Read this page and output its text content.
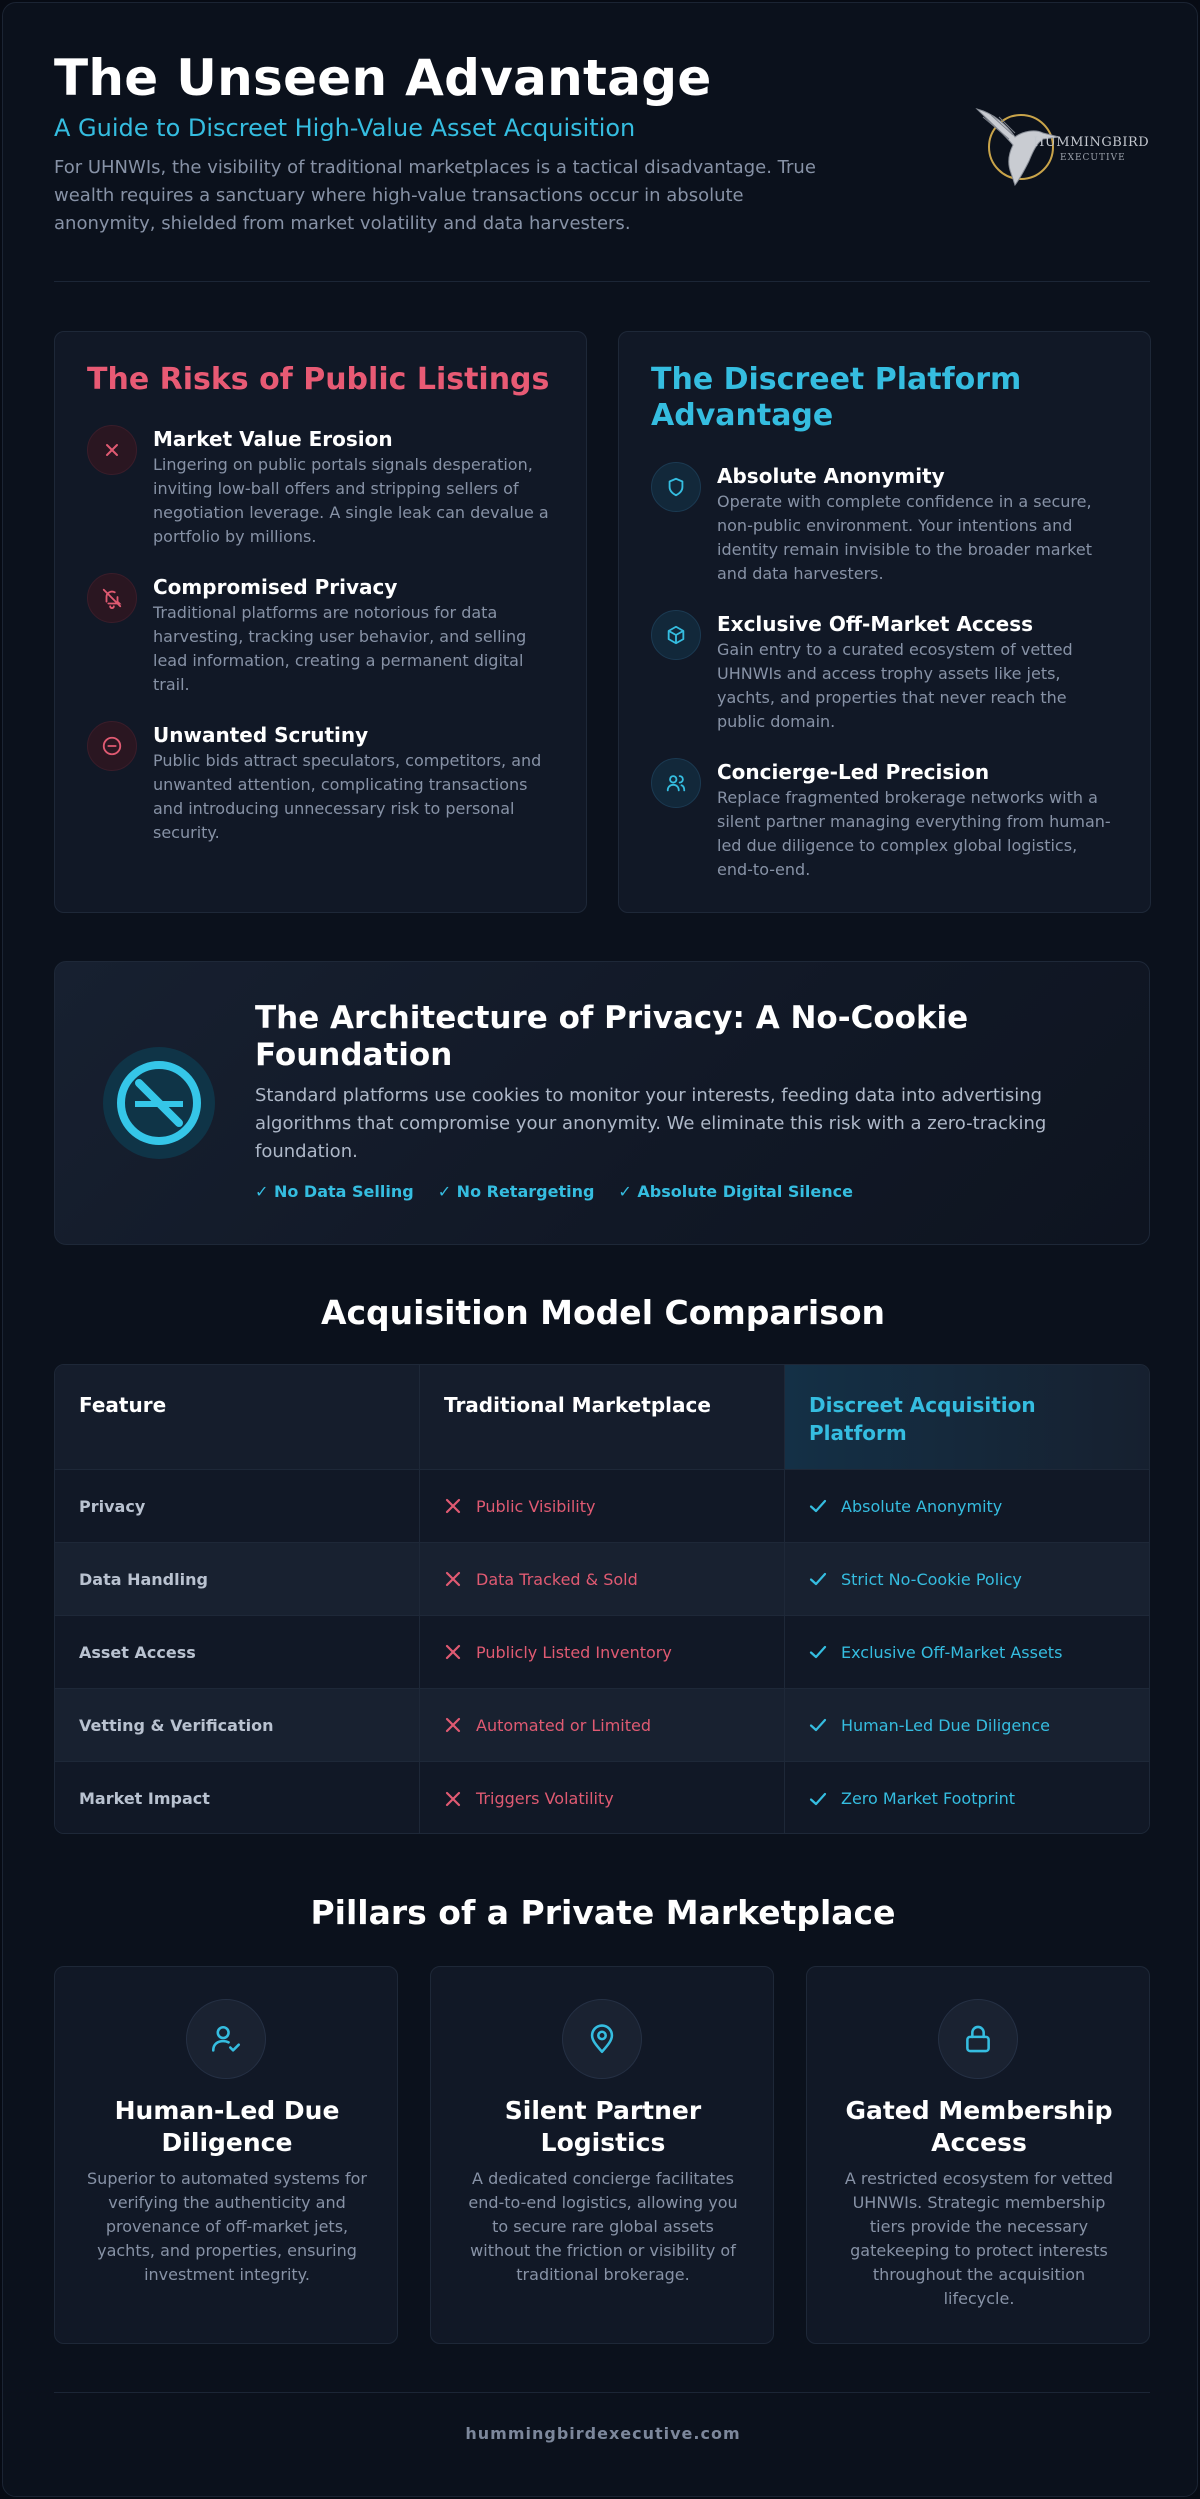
The Unseen Advantage
A Guide to Discreet High-Value Asset Acquisition

For UHNWIs, the visibility of traditional marketplaces is a tactical disadvantage. True wealth requires a sanctuary where high-value transactions occur in absolute anonymity, shielded from market volatility and data harvesters.

HUMMINGBIRD
EXECUTIVE
The Risks of Public Listings
Market Value Erosion
Lingering on public portals signals desperation, inviting low-ball offers and stripping sellers of negotiation leverage. A single leak can devalue a portfolio by millions.
Compromised Privacy
Traditional platforms are notorious for data harvesting, tracking user behavior, and selling lead information, creating a permanent digital trail.
Unwanted Scrutiny
Public bids attract speculators, competitors, and unwanted attention, complicating transactions and introducing unnecessary risk to personal security.
The Discreet Platform Advantage
Absolute Anonymity
Operate with complete confidence in a secure, non-public environment. Your intentions and identity remain invisible to the broader market and data harvesters.
Exclusive Off-Market Access
Gain entry to a curated ecosystem of vetted UHNWIs and access trophy assets like jets, yachts, and properties that never reach the public domain.
Concierge-Led Precision
Replace fragmented brokerage networks with a silent partner managing everything from human-led due diligence to complex global logistics, end-to-end.
The Architecture of Privacy: A No-Cookie Foundation

Standard platforms use cookies to monitor your interests, feeding data into advertising algorithms that compromise your anonymity. We eliminate this risk with a zero-tracking foundation.

✓ No Data Selling ✓ No Retargeting ✓ Absolute Digital Silence
Acquisition Model Comparison
Feature	Traditional Marketplace	Discreet Acquisition Platform
Privacy	Public Visibility	Absolute Anonymity
Data Handling	Data Tracked & Sold	Strict No-Cookie Policy
Asset Access	Publicly Listed Inventory	Exclusive Off-Market Assets
Vetting & Verification	Automated or Limited	Human-Led Due Diligence
Market Impact	Triggers Volatility	Zero Market Footprint
Pillars of a Private Marketplace
Human-Led Due Diligence

Superior to automated systems for verifying the authenticity and provenance of off-market jets, yachts, and properties, ensuring investment integrity.

Silent Partner Logistics

A dedicated concierge facilitates end-to-end logistics, allowing you to secure rare global assets without the friction or visibility of traditional brokerage.

Gated Membership Access

A restricted ecosystem for vetted UHNWIs. Strategic membership tiers provide the necessary gatekeeping to protect interests throughout the acquisition lifecycle.

hummingbirdexecutive.com
